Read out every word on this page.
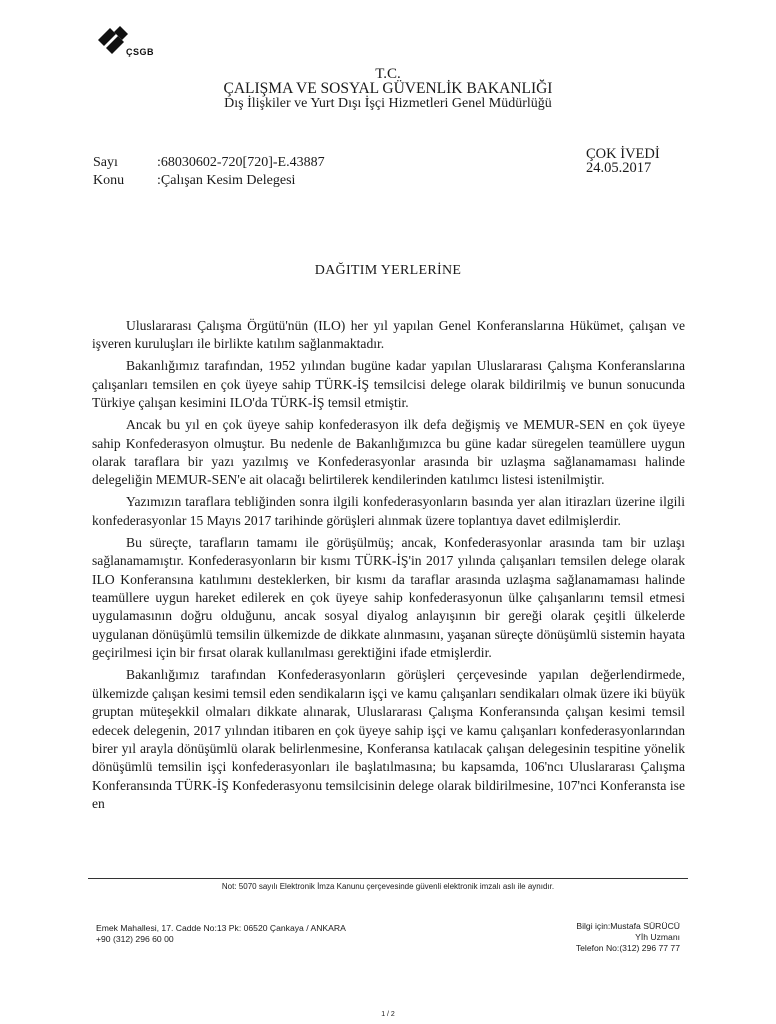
ÇSGB
T.C.
ÇALIŞMA VE SOSYAL GÜVENLİK BAKANLIĞI
Dış İlişkiler ve Yurt Dışı İşçi Hizmetleri Genel Müdürlüğü
Sayı	:68030602-720[720]-E.43887
Konu :Çalışan Kesim Delegesi
ÇOK İVEDİ
24.05.2017
DAĞITIM YERLERİNE

Uluslararası Çalışma Örgütü'nün (ILO) her yıl yapılan Genel Konferanslarına Hükümet, çalışan ve işveren kuruluşları ile birlikte katılım sağlanmaktadır.

Bakanlığımız tarafından, 1952 yılından bugüne kadar yapılan Uluslararası Çalışma Konferanslarına çalışanları temsilen en çok üyeye sahip TÜRK-İŞ temsilcisi delege olarak bildirilmiş ve bunun sonucunda Türkiye çalışan kesimini ILO'da TÜRK-İŞ temsil etmiştir.

Ancak bu yıl en çok üyeye sahip konfederasyon ilk defa değişmiş ve MEMUR-SEN en çok üyeye sahip Konfederasyon olmuştur. Bu nedenle de Bakanlığımızca bu güne kadar süregelen teamüllere uygun olarak taraflara bir yazı yazılmış ve Konfederasyonlar arasında bir uzlaşma sağlanamaması halinde delegeliğin MEMUR-SEN'e ait olacağı belirtilerek kendilerinden katılımcı listesi istenilmiştir.

Yazımızın taraflara tebliğinden sonra ilgili konfederasyonların basında yer alan itirazları üzerine ilgili konfederasyonlar 15 Mayıs 2017 tarihinde görüşleri alınmak üzere toplantıya davet edilmişlerdir.

Bu süreçte, tarafların tamamı ile görüşülmüş; ancak, Konfederasyonlar arasında tam bir uzlaşı sağlanamamıştır. Konfederasyonların bir kısmı TÜRK-İŞ'in 2017 yılında çalışanları temsilen delege olarak ILO Konferansına katılımını desteklerken, bir kısmı da taraflar arasında uzlaşma sağlanamaması halinde teamüllere uygun hareket edilerek en çok üyeye sahip konfederasyonun ülke çalışanlarını temsil etmesi uygulamasının doğru olduğunu, ancak sosyal diyalog anlayışının bir gereği olarak çeşitli ülkelerde uygulanan dönüşümlü temsilin ülkemizde de dikkate alınmasını, yaşanan süreçte dönüşümlü sistemin hayata geçirilmesi için bir fırsat olarak kullanılması gerektiğini ifade etmişlerdir.

Bakanlığımız tarafından Konfederasyonların görüşleri çerçevesinde yapılan değerlendirmede, ülkemizde çalışan kesimi temsil eden sendikaların işçi ve kamu çalışanları sendikaları olmak üzere iki büyük gruptan müteşekkil olmaları dikkate alınarak, Uluslararası Çalışma Konferansında çalışan kesimi temsil edecek delegenin, 2017 yılından itibaren en çok üyeye sahip işçi ve kamu çalışanları konfederasyonlarından birer yıl arayla dönüşümlü olarak belirlenmesine, Konferansa katılacak çalışan delegesinin tespitine yönelik dönüşümlü temsilin işçi konfederasyonları ile başlatılmasına; bu kapsamda, 106'ncı Uluslararası Çalışma Konferansında TÜRK-İŞ Konfederasyonu temsilcisinin delege olarak bildirilmesine, 107'nci Konferansta ise en

Not: 5070 sayılı Elektronik İmza Kanunu çerçevesinde güvenli elektronik imzalı aslı ile aynıdır.
Emek Mahallesi, 17. Cadde No:13 Pk: 06520 Çankaya / ANKARA
+90 (312) 296 60 00
Bilgi için:Mustafa SÜRÜCÜ
Yİh Uzmanı
Telefon No:(312) 296 77 77
1 / 2
